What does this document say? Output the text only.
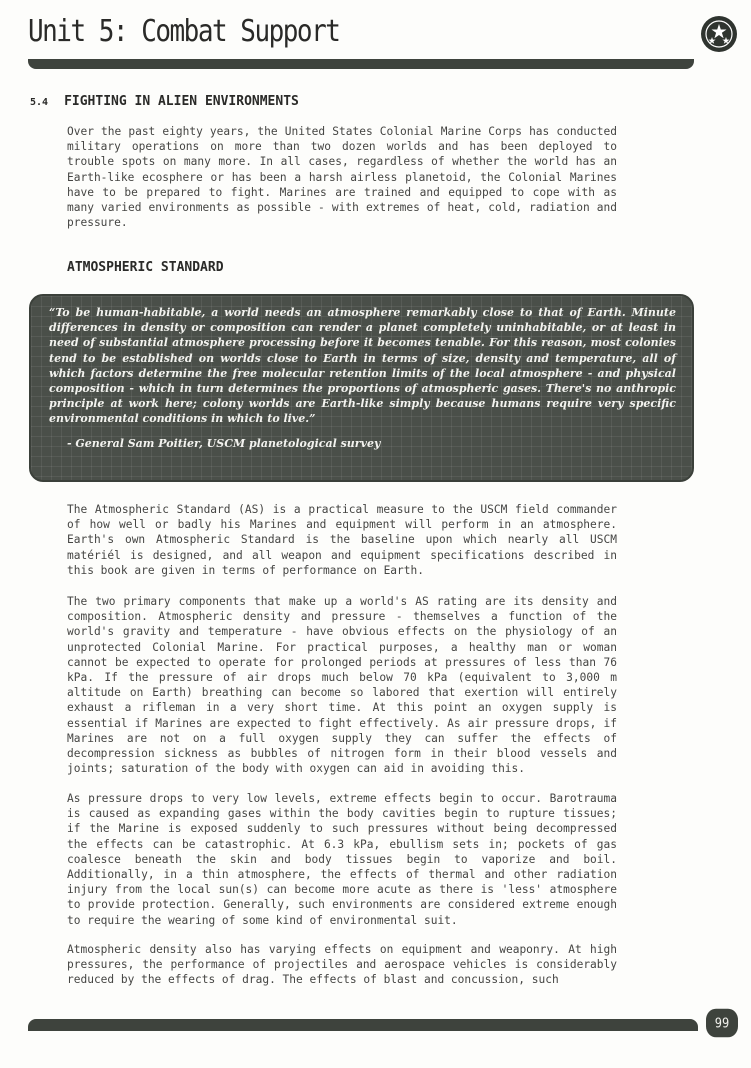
Unit 5: Combat Support
5.4 FIGHTING IN ALIEN ENVIRONMENTS

Over the past eighty years, the United States Colonial Marine Corps has conducted military operations on more than two dozen worlds and has been deployed to trouble spots on many more. In all cases, regardless of whether the world has an Earth-like ecosphere or has been a harsh airless planetoid, the Colonial Marines have to be prepared to fight. Marines are trained and equipped to cope with as many varied environments as possible - with extremes of heat, cold, radiation and pressure.

ATMOSPHERIC STANDARD

“To be human-habitable, a world needs an atmosphere remarkably close to that of Earth. Minute differences in density or composition can render a planet completely uninhabitable, or at least in need of substantial atmosphere processing before it becomes tenable. For this reason, most colonies tend to be established on worlds close to Earth in terms of size, density and temperature, all of which factors determine the free molecular retention limits of the local atmosphere - and physical composition - which in turn determines the proportions of atmospheric gases. There's no anthropic principle at work here; colony worlds are Earth-like simply because humans require very specific environmental conditions in which to live.”

- General Sam Poitier, USCM planetological survey

The Atmospheric Standard (AS) is a practical measure to the USCM field commander of how well or badly his Marines and equipment will perform in an atmosphere. Earth's own Atmospheric Standard is the baseline upon which nearly all USCM matériél is designed, and all weapon and equipment specifications described in this book are given in terms of performance on Earth.

The two primary components that make up a world's AS rating are its density and composition. Atmospheric density and pressure - themselves a function of the world's gravity and temperature - have obvious effects on the physiology of an unprotected Colonial Marine. For practical purposes, a healthy man or woman cannot be expected to operate for prolonged periods at pressures of less than 76 kPa. If the pressure of air drops much below 70 kPa (equivalent to 3,000 m altitude on Earth) breathing can become so labored that exertion will entirely exhaust a rifleman in a very short time. At this point an oxygen supply is essential if Marines are expected to fight effectively. As air pressure drops, if Marines are not on a full oxygen supply they can suffer the effects of decompression sickness as bubbles of nitrogen form in their blood vessels and joints; saturation of the body with oxygen can aid in avoiding this.

As pressure drops to very low levels, extreme effects begin to occur. Barotrauma is caused as expanding gases within the body cavities begin to rupture tissues; if the Marine is exposed suddenly to such pressures without being decompressed the effects can be catastrophic. At 6.3 kPa, ebullism sets in; pockets of gas coalesce beneath the skin and body tissues begin to vaporize and boil. Additionally, in a thin atmosphere, the effects of thermal and other radiation injury from the local sun(s) can become more acute as there is 'less' atmosphere to provide protection. Generally, such environments are considered extreme enough to require the wearing of some kind of environmental suit.

Atmospheric density also has varying effects on equipment and weaponry. At high pressures, the performance of projectiles and aerospace vehicles is considerably reduced by the effects of drag. The effects of blast and concussion, such

99
